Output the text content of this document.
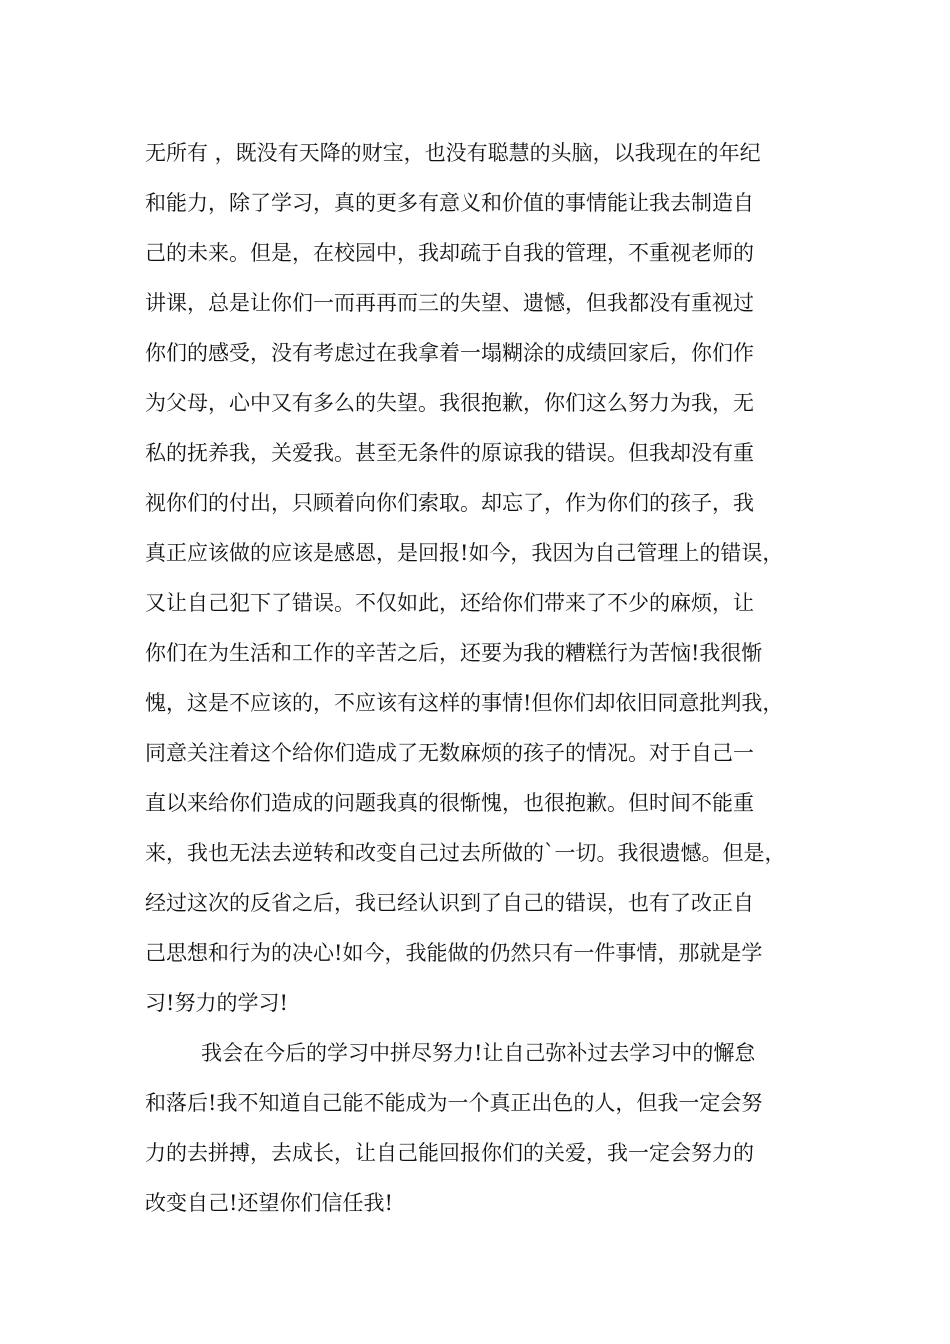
无所有 ，既没有天降的财宝，也没有聪慧的头脑，以我现在的年纪
和能力，除了学习，真的更多有意义和价值的事情能让我去制造自
己的未来。但是，在校园中，我却疏于自我的管理，不重视老师的
讲课，总是让你们一而再再而三的失望、遗憾，但我都没有重视过
你们的感受，没有考虑过在我拿着一塌糊涂的成绩回家后，你们作
为父母，心中又有多么的失望。我很抱歉，你们这么努力为我，无
私的抚养我，关爱我。甚至无条件的原谅我的错误。但我却没有重
视你们的付出，只顾着向你们索取。却忘了，作为你们的孩子，我
真正应该做的应该是感恩，是回报!如今，我因为自己管理上的错误，
又让自己犯下了错误。不仅如此，还给你们带来了不少的麻烦，让
你们在为生活和工作的辛苦之后，还要为我的糟糕行为苦恼!我很惭
愧，这是不应该的，不应该有这样的事情!但你们却依旧同意批判我，
同意关注着这个给你们造成了无数麻烦的孩子的情况。对于自己一
直以来给你们造成的问题我真的很惭愧，也很抱歉。但时间不能重
来，我也无法去逆转和改变自己过去所做的`一切。我很遗憾。但是，
经过这次的反省之后，我已经认识到了自己的错误，也有了改正自
己思想和行为的决心!如今，我能做的仍然只有一件事情，那就是学
习!努力的学习!
我会在今后的学习中拼尽努力!让自己弥补过去学习中的懈怠
和落后!我不知道自己能不能成为一个真正出色的人，但我一定会努
力的去拼搏，去成长，让自己能回报你们的关爱，我一定会努力的
改变自己!还望你们信任我!
